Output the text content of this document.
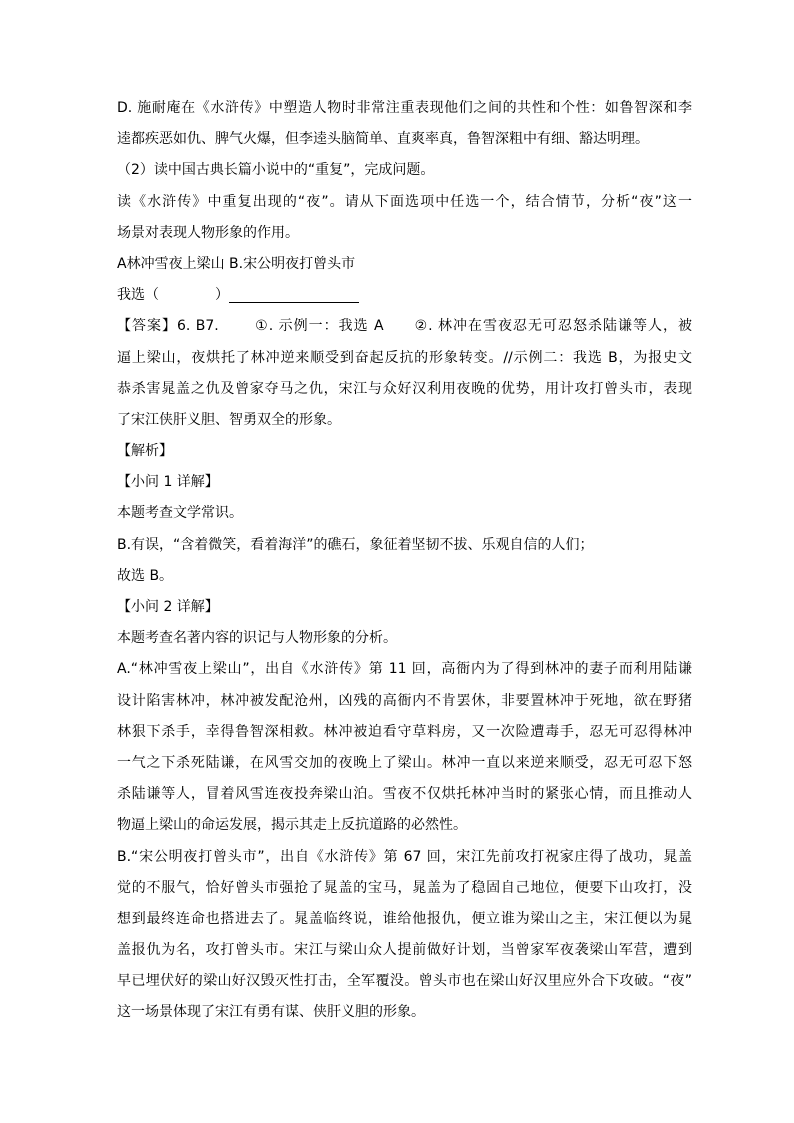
D. 施耐庵在《水浒传》中塑造人物时非常注重表现他们之间的共性和个性：如鲁智深和李
逵都疾恶如仇、脾气火爆，但李逵头脑简单、直爽率真，鲁智深粗中有细、豁达明理。
（2）读中国古典长篇小说中的“重复”，完成问题。
读《水浒传》中重复出现的“夜”。请从下面选项中任选一个，结合情节，分析“夜”这一
场景对表现人物形象的作用。
A林冲雪夜上梁山 B.宋公明夜打曾头市
我选（　　　　）
【答案】6. B7.　　 ①. 示例一：我选 A　　②. 林冲在雪夜忍无可忍怒杀陆谦等人，被
逼上梁山，夜烘托了林冲逆来顺受到奋起反抗的形象转变。//示例二：我选 B，为报史文
恭杀害晁盖之仇及曾家夺马之仇，宋江与众好汉利用夜晚的优势，用计攻打曾头市，表现
了宋江侠肝义胆、智勇双全的形象。
【解析】
【小问 1 详解】
本题考查文学常识。
B.有误，“含着微笑，看着海洋”的礁石，象征着坚韧不拔、乐观自信的人们；
故选 B。
【小问 2 详解】
本题考查名著内容的识记与人物形象的分析。
A.“林冲雪夜上梁山”，出自《水浒传》第 11 回，高衙内为了得到林冲的妻子而利用陆谦
设计陷害林冲，林冲被发配沧州，凶残的高衙内不肯罢休，非要置林冲于死地，欲在野猪
林狠下杀手，幸得鲁智深相救。林冲被迫看守草料房，又一次险遭毒手，忍无可忍得林冲
一气之下杀死陆谦，在风雪交加的夜晚上了梁山。林冲一直以来逆来顺受，忍无可忍下怒
杀陆谦等人，冒着风雪连夜投奔梁山泊。雪夜不仅烘托林冲当时的紧张心情，而且推动人
物逼上梁山的命运发展，揭示其走上反抗道路的必然性。
B.“宋公明夜打曾头市”，出自《水浒传》第 67 回，宋江先前攻打祝家庄得了战功，晁盖
觉的不服气，恰好曾头市强抢了晁盖的宝马，晁盖为了稳固自己地位，便要下山攻打，没
想到最终连命也搭进去了。晁盖临终说，谁给他报仇，便立谁为梁山之主，宋江便以为晁
盖报仇为名，攻打曾头市。宋江与梁山众人提前做好计划，当曾家军夜袭梁山军营，遭到
早已埋伏好的梁山好汉毁灭性打击，全军覆没。曾头市也在梁山好汉里应外合下攻破。“夜”
这一场景体现了宋江有勇有谋、侠肝义胆的形象。
